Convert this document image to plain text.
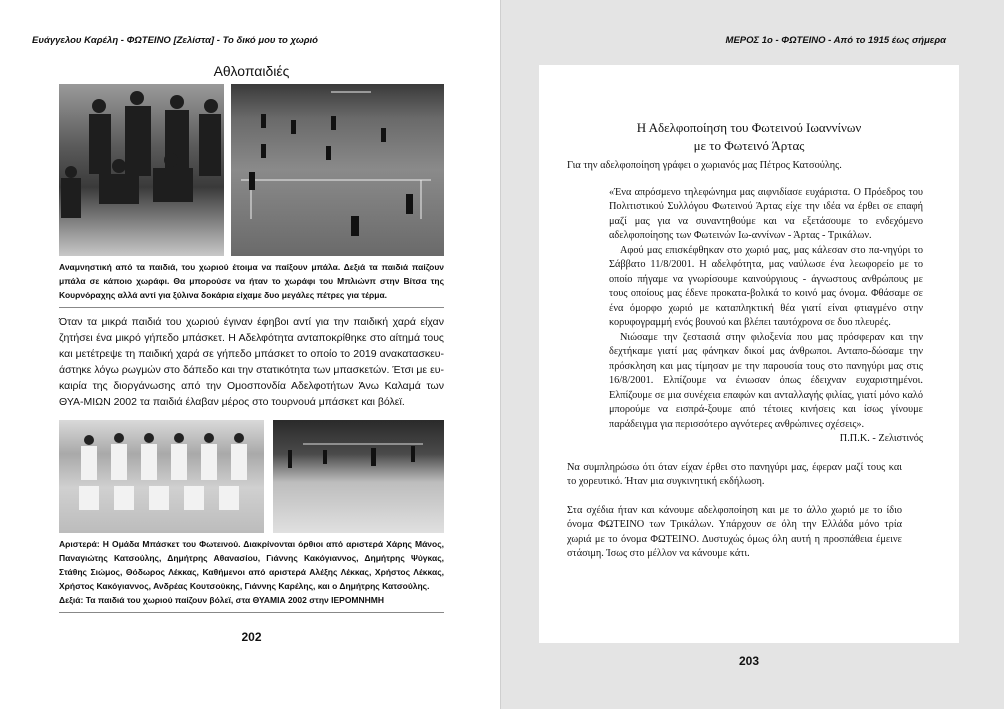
Ευάγγελου Καρέλη - ΦΩΤΕΙΝΟ [Ζελίστα] - Το δικό μου το χωριό
Αθλοπαιδιές
Αναμνηστική από τα παιδιά, του χωριού έτοιμα να παίξουν μπάλα. Δεξιά τα παιδιά παίζουν μπάλα σε κάποιο χωράφι. Θα μπορούσε να ήταν το χωράφι του Μπλιώνπ στην Βίτσα της Κουρνόραχης αλλά αντί για ξύλινα δοκάρια είχαμε δυο μεγάλες πέτρες για τέρμα.
Όταν τα μικρά παιδιά του χωριού έγιναν έφηβοι αντί για την παιδική χαρά είχαν ζητήσει ένα μικρό γήπεδο μπάσκετ. Η Αδελφότητα ανταποκρίθηκε στο αίτημά τους και μετέτρεψε τη παιδική χαρά σε γήπεδο μπάσκετ το οποίο το 2019 ανακατασκευ-άστηκε λόγω ρωγμών στο δάπεδο και την στατικότητα των μπασκετών. Έτσι με ευ-καιρία της διοργάνωσης από την Ομοσπονδία Αδελφοτήτων Άνω Καλαμά των ΘΥΑ-ΜΙΩΝ 2002 τα παιδιά έλαβαν μέρος στο τουρνουά μπάσκετ και βόλεϊ.
Αριστερά: Η Ομάδα Μπάσκετ του Φωτεινού. Διακρίνονται όρθιοι από αριστερά Χάρης Μάνος, Παναγιώτης Κατσούλης, Δημήτρης Αθανασίου, Γιάννης Κακόγιαννος, Δημήτρης Ψύγκας, Στάθης Σιώμος, Θόδωρος Λέκκας, Καθήμενοι από αριστερά Αλέξης Λέκκας, Χρήστος Λέκκας, Χρήστος Κακόγιαννος, Ανδρέας Κουτσούκης, Γιάννης Καρέλης, και ο Δημήτρης Κατσούλης.
Δεξιά: Τα παιδιά του χωριού παίζουν βόλεϊ, στα ΘΥΑΜΙΑ 2002 στην ΙΕΡΟΜΝΗΜΗ
202
ΜΕΡΟΣ 1ο - ΦΩΤΕΙΝΟ - Από το 1915 έως σήμερα
Η Αδελφοποίηση του Φωτεινού Ιωαννίνων
με το Φωτεινό Άρτας
Για την αδελφοποίηση γράφει ο χωριανός μας Πέτρος Κατσούλης.

«Ένα απρόσμενο τηλεφώνημα μας αιφνιδίασε ευχάριστα. Ο Πρόεδρος του Πολιτιστικού Συλλόγου Φωτεινού Άρτας είχε την ιδέα να έρθει σε επαφή μαζί μας για να συναντηθούμε και να εξετάσουμε το ενδεχόμενο αδελφοποίησης των Φωτεινών Ιω-αννίνων - Άρτας - Τρικάλων.

Αφού μας επισκέφθηκαν στο χωριό μας, μας κάλεσαν στο πα-νηγύρι το Σάββατο 11/8/2001. Η αδελφότητα, μας ναύλωσε ένα λεωφορείο με το οποίο πήγαμε να γνωρίσουμε καινούργιους - άγνωστους ανθρώπους με τους οποίους μας έδενε προκατα-βολικά το κοινό μας όνομα. Φθάσαμε σε ένα όμορφο χωριό με καταπληκτική θέα γιατί είναι φτιαγμένο στην κορυφογραμμή ενός βουνού και βλέπει ταυτόχρονα σε δυο πλευρές.

Νιώσαμε την ζεστασιά στην φιλοξενία που μας πρόσφεραν και την δεχτήκαμε γιατί μας φάνηκαν δικοί μας άνθρωποι. Ανταπο-δώσαμε την πρόσκληση και μας τίμησαν με την παρουσία τους στο πανηγύρι μας στις 16/8/2001. Ελπίζουμε να ένιωσαν όπως έδειχναν ευχαριστημένοι. Ελπίζουμε σε μια συνέχεια επαφών και ανταλλαγής φιλίας, γιατί μόνο καλό μπορούμε να εισπρά-ξουμε από τέτοιες κινήσεις και ίσως γίνουμε παράδειγμα για περισσότερο αγνότερες ανθρώπινες σχέσεις».

Π.Π.Κ. - Ζελιστινός

Να συμπληρώσω ότι όταν είχαν έρθει στο πανηγύρι μας, έφεραν μαζί τους και το χορευτικό. Ήταν μια συγκινητική εκδήλωση.
Στα σχέδια ήταν και κάνουμε αδελφοποίηση και με το άλλο χωριό με το ίδιο όνομα ΦΩΤΕΙΝΟ των Τρικάλων. Υπάρχουν σε όλη την Ελλάδα μόνο τρία χωριά με το όνομα ΦΩΤΕΙΝΟ. Δυστυχώς όμως όλη αυτή η προσπάθεια έμεινε στάσιμη. Ίσως στο μέλλον να κάνουμε κάτι.
203
